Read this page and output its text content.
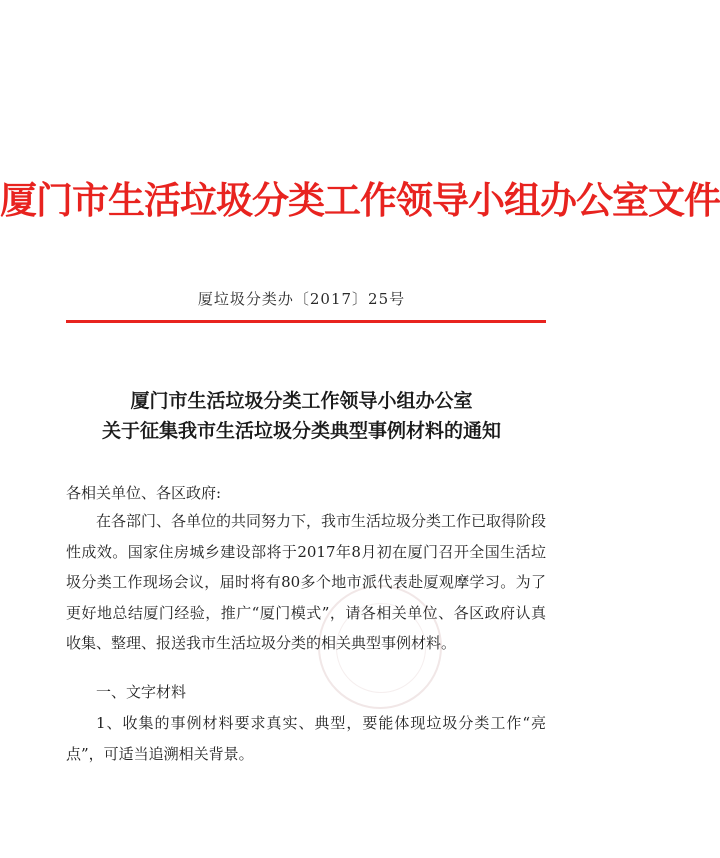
厦门市生活垃圾分类工作领导小组办公室文件
厦垃圾分类办〔2017〕25号
厦门市生活垃圾分类工作领导小组办公室
关于征集我市生活垃圾分类典型事例材料的通知
各相关单位、各区政府:
在各部门、各单位的共同努力下，我市生活垃圾分类工作已取得阶段性成效。国家住房城乡建设部将于2017年8月初在厦门召开全国生活垃圾分类工作现场会议，届时将有80多个地市派代表赴厦观摩学习。为了更好地总结厦门经验，推广“厦门模式”，请各相关单位、各区政府认真收集、整理、报送我市生活垃圾分类的相关典型事例材料。
一、文字材料
1、收集的事例材料要求真实、典型，要能体现垃圾分类工作“亮点”，可适当追溯相关背景。
